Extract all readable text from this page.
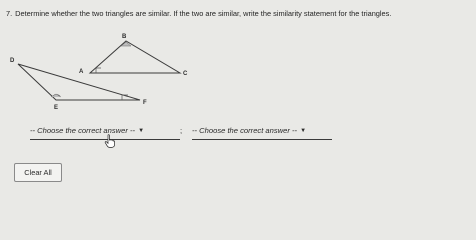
7. Determine whether the two triangles are similar. If the two are similar, write the similarity statement for the triangles.
D
E
F
A
B
C
-- Choose the correct answer -- ▼	; -- Choose the correct answer -- ▼
Clear All
